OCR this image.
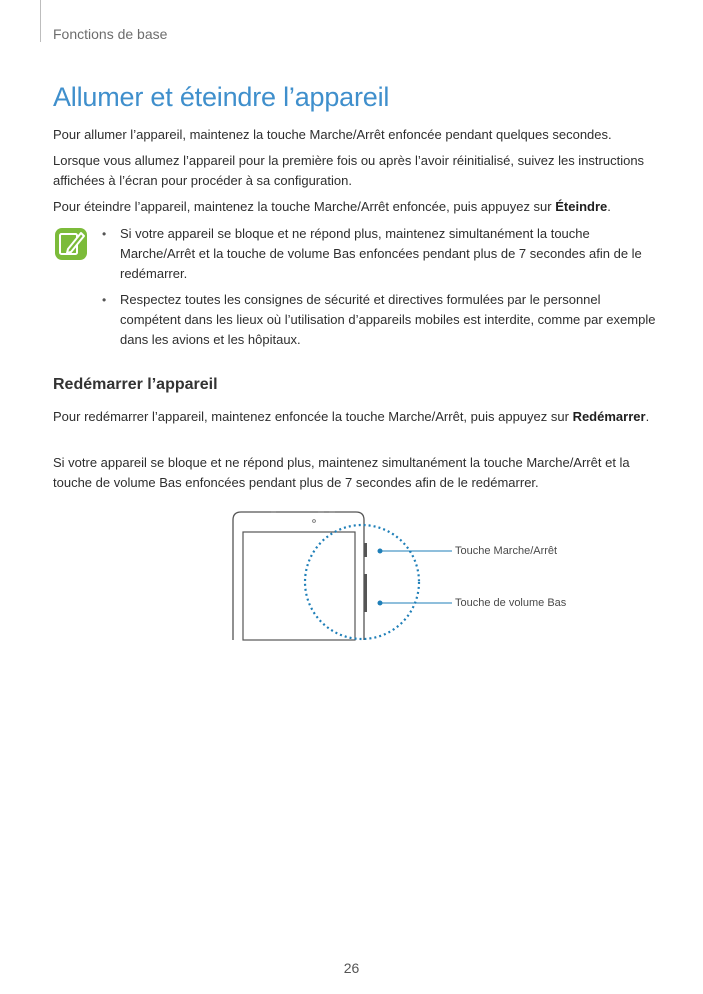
Fonctions de base
Allumer et éteindre l’appareil

Pour allumer l’appareil, maintenez la touche Marche/Arrêt enfoncée pendant quelques secondes.

Lorsque vous allumez l’appareil pour la première fois ou après l’avoir réinitialisé, suivez les instructions affichées à l’écran pour procéder à sa configuration.

Pour éteindre l’appareil, maintenez la touche Marche/Arrêt enfoncée, puis appuyez sur Éteindre.

• Si votre appareil se bloque et ne répond plus, maintenez simultanément la touche Marche/Arrêt et la touche de volume Bas enfoncées pendant plus de 7 secondes afin de le redémarrer.
• Respectez toutes les consignes de sécurité et directives formulées par le personnel compétent dans les lieux où l’utilisation d’appareils mobiles est interdite, comme par exemple dans les avions et les hôpitaux.
Redémarrer l’appareil

Pour redémarrer l’appareil, maintenez enfoncée la touche Marche/Arrêt, puis appuyez sur Redémarrer.

Si votre appareil se bloque et ne répond plus, maintenez simultanément la touche Marche/Arrêt et la touche de volume Bas enfoncées pendant plus de 7 secondes afin de le redémarrer.

Touche Marche/Arrêt
Touche de volume Bas
26
